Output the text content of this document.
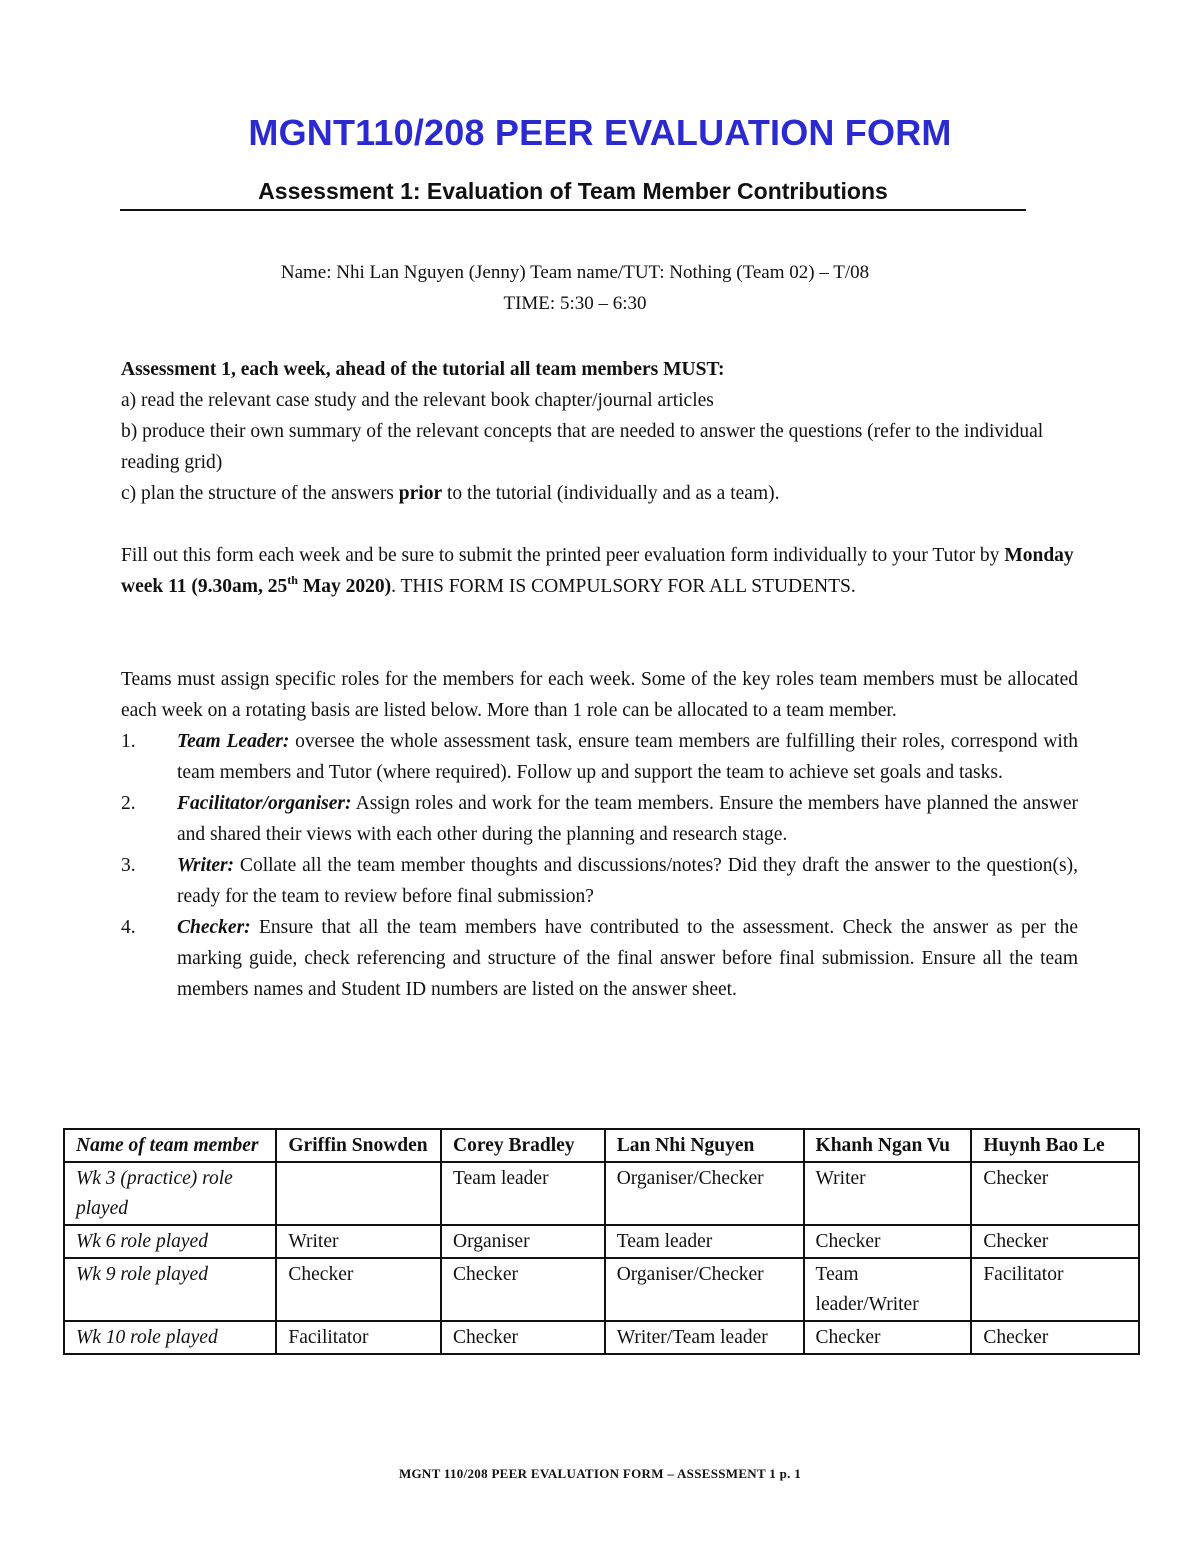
MGNT110/208 PEER EVALUATION FORM
Assessment 1: Evaluation of Team Member Contributions
Name: Nhi Lan Nguyen (Jenny) Team name/TUT: Nothing (Team 02) – T/08
TIME: 5:30 – 6:30

Assessment 1, each week, ahead of the tutorial all team members MUST:

a) read the relevant case study and the relevant book chapter/journal articles

b) produce their own summary of the relevant concepts that are needed to answer the questions (refer to the individual reading grid)

c) plan the structure of the answers prior to the tutorial (individually and as a team).

Fill out this form each week and be sure to submit the printed peer evaluation form individually to your Tutor by Monday week 11 (9.30am, 25th May 2020). THIS FORM IS COMPULSORY FOR ALL STUDENTS.

Teams must assign specific roles for the members for each week. Some of the key roles team members must be allocated each week on a rotating basis are listed below. More than 1 role can be allocated to a team member.

1. Team Leader: oversee the whole assessment task, ensure team members are fulfilling their roles, correspond with team members and Tutor (where required). Follow up and support the team to achieve set goals and tasks.
2. Facilitator/organiser: Assign roles and work for the team members. Ensure the members have planned the answer and shared their views with each other during the planning and research stage.
3. Writer: Collate all the team member thoughts and discussions/notes? Did they draft the answer to the question(s), ready for the team to review before final submission?
4. Checker: Ensure that all the team members have contributed to the assessment. Check the answer as per the marking guide, check referencing and structure of the final answer before final submission. Ensure all the team members names and Student ID numbers are listed on the answer sheet.
Name of team member	Griffin Snowden	Corey Bradley	Lan Nhi Nguyen	Khanh Ngan Vu	Huynh Bao Le
Wk 3 (practice) role played		Team leader	Organiser/Checker	Writer	Checker
Wk 6 role played	Writer	Organiser	Team leader	Checker	Checker
Wk 9 role played	Checker	Checker	Organiser/Checker	Team leader/Writer	Facilitator
Wk 10 role played	Facilitator	Checker	Writer/Team leader	Checker	Checker
MGNT 110/208 PEER EVALUATION FORM – ASSESSMENT 1 p. 1
